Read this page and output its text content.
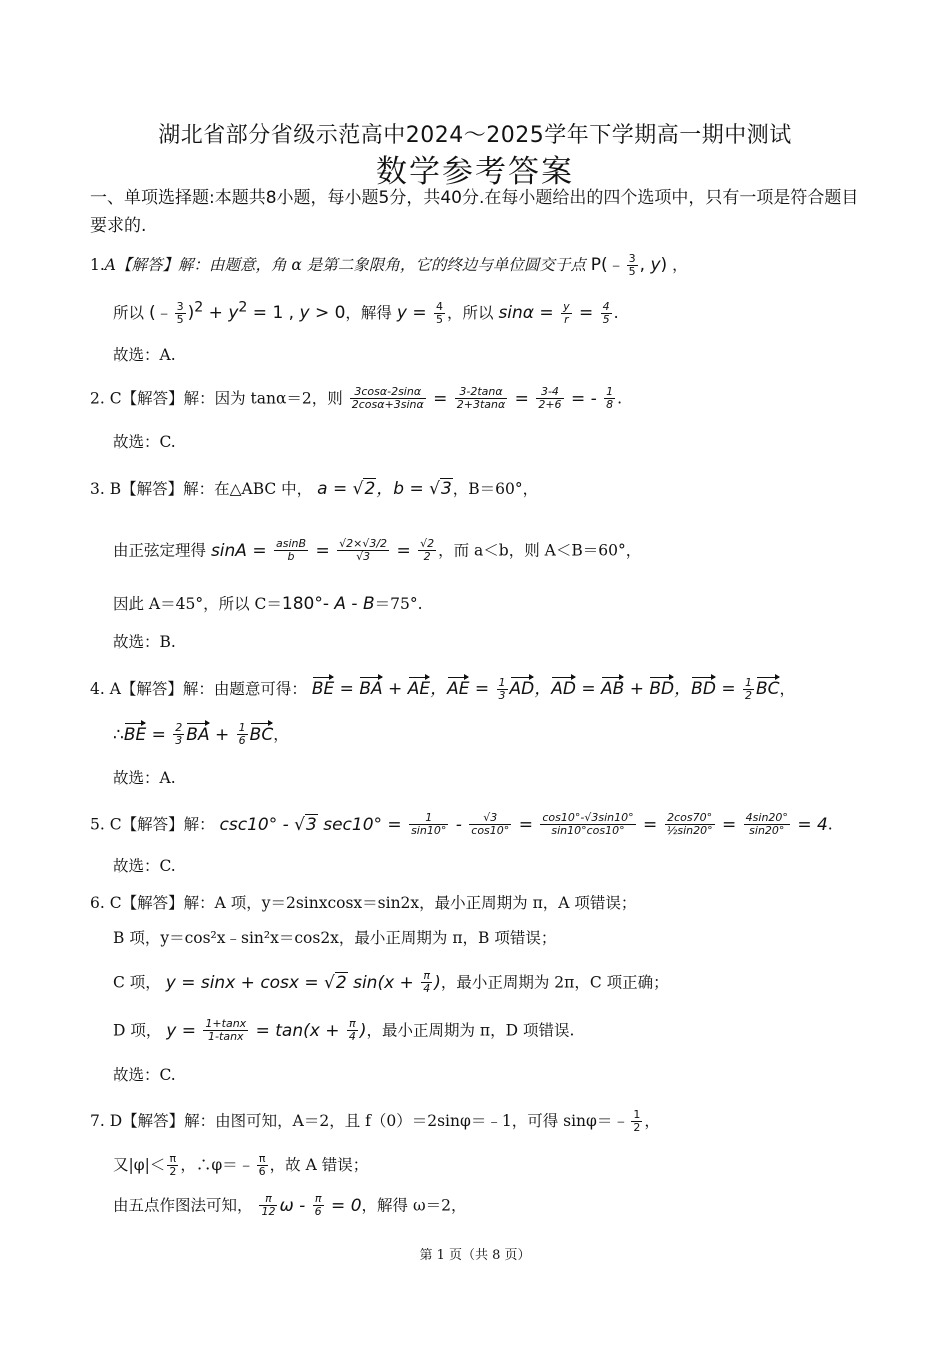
湖北省部分省级示范高中2024～2025学年下学期高一期中测试
数学参考答案
一、单项选择题:本题共8小题，每小题5分，共40分.在每小题给出的四个选项中，只有一项是符合题目要求的.
1.A【解答】解：由题意，角 α 是第二象限角，它的终边与单位圆交于点 P(﹣ $\frac{3}{5}$ , y) ，
所以 (﹣ $\frac{3}{5} )^2 + y^2 = 1$ , y > 0，解得 $y = \frac{4}{5}$ ，所以 $\sin\alpha = \frac{y}{r} = \frac{4}{5}$ .
故选：A.
2. C【解答】解：因为 tanα＝2，则 $\frac{3\cos\alpha-2\sin\alpha}{2\cos\alpha+3\sin\alpha} = \frac{3-2\tan\alpha}{2+3\tan\alpha} = \frac{3-4}{2+6}$ = - $\frac{1}{8}$ .
故选：C.
3. B【解答】解：在△ABC 中， a = √2，b = √3，B＝60°，
由正弦定理得 $\sin A = \frac{asinB}{b} = \frac{√2\times√3/2}{√3} = \frac{√2}{2}$ ，而 a＜b，则 A＜B＝60°，
因此 A＝45°，所以 C＝180°- A - B＝75°.
故选：B.
4. A【解答】解：由题意可得： BE = BA + AE，AE = $\frac{1}{3}$ AD，AD = AB + BD，BD = $\frac{1}{2}$ BC，
∴BE = $\frac{2}{3}$ BA + $\frac{1}{6}$ BC，
故选：A.
5. C【解答】解： csc10° - √3 $\sec 10^\circ = \frac{1}{\sin 10^\circ} - \frac{√3}{\cos 10^\circ} = \frac{\cos 10^\circ-√3\sin 10^\circ}{\sin 10^\circ\cos 10^\circ} = \frac{2\cos 70^\circ}{\text{½sin20°}} = \frac{4\sin 20^\circ}{\sin 20^\circ} = 4$.
故选：C.
6. C【解答】解：A 项，y＝2sinxcosx＝sin2x，最小正周期为 π，A 项错误；
B 项，y＝cos²x﹣sin²x＝cos2x，最小正周期为 π，B 项错误；
C 项， y = sinx + cosx = √2 $\sin(x + \frac{\pi}{4}$ )，最小正周期为 2π，C 项正确；
D 项， $y = \frac{1+\tan x}{1-\tan x} = \tan(x + \frac{\pi}{4}$ )，最小正周期为 π，D 项错误.
故选：C.
7. D【解答】解：由图可知，A＝2，且 f（0）＝2sinφ＝﹣1，可得 sinφ＝﹣ $\frac{1}{2}$ ，
又$|\varphi|< \frac{\pi}{2}$ ，∴φ＝﹣ $\frac{\pi}{6}$ ，故 A 错误；
由五点作图法可知， $\frac{\pi}{12}$ $\omega - \frac{\pi}{6} = 0$，解得 ω＝2，
第 1 页（共 8 页）
